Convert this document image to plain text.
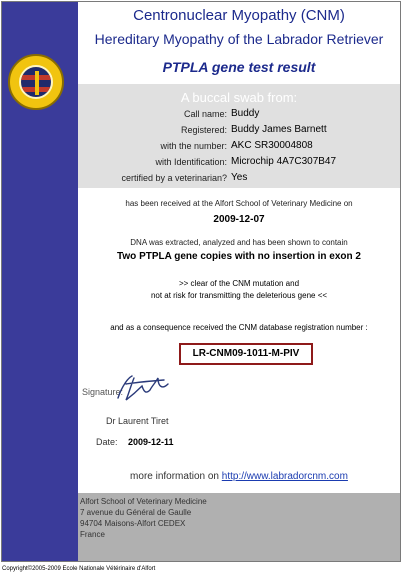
Centronuclear Myopathy (CNM)
Hereditary Myopathy of the Labrador Retriever
PTPLA gene test result
A buccal swab from:
Call name: Buddy
Registered: Buddy James Barnett
with the number: AKC SR30004808
with Identification: Microchip 4A7C307B47
certified by a veterinarian? Yes
has been received at the Alfort School of Veterinary Medicine on
2009-12-07
DNA was extracted, analyzed and has been shown to contain
Two PTPLA gene copies with no insertion in exon 2
>> clear of the CNM mutation and
not at risk for transmitting the deleterious gene <<
and as a consequence received the CNM database registration number :
LR-CNM09-1011-M-PIV
Signature:
Dr Laurent Tiret
Date: 2009-12-11
more information on http://www.labradorcnm.com
Alfort School of Veterinary Medicine
7 avenue du Général de Gaulle
94704 Maisons-Alfort CEDEX
France
Copyright©2005-2009 Ecole Nationale Vétérinaire d'Alfort
